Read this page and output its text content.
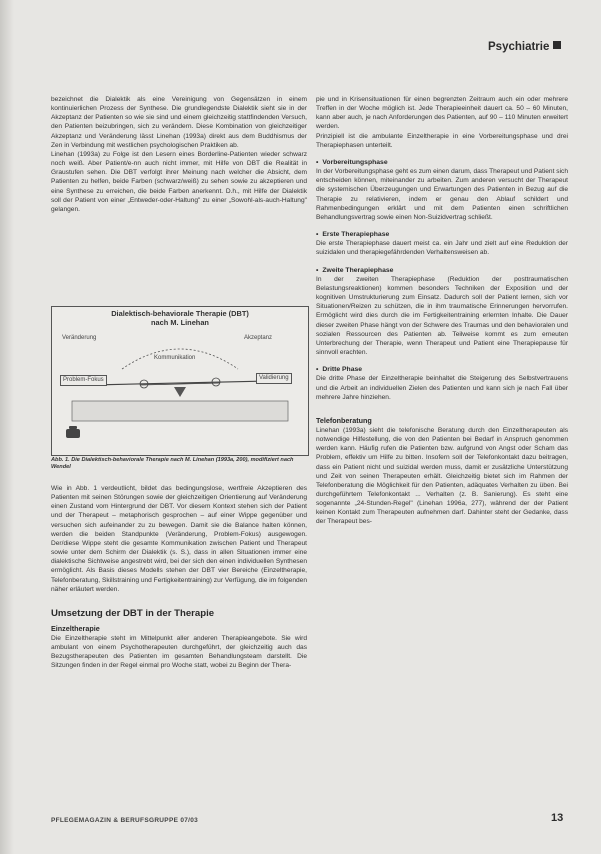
Psychiatrie

bezeichnet die Dialektik als eine Vereinigung von Gegensätzen in einem kontinuierlichen Prozess der Synthese. Die grundlegendste Dialektik sieht sie in der Akzeptanz der Patienten so wie sie sind und einem gleichzeitig stattfindenden Versuch, den Patienten beizubringen, sich zu verändern. Diese Kombination von gleichzeitiger Akzeptanz und Veränderung lässt Linehan (1993a) direkt aus dem Buddhismus der Zen in Verbindung mit westlichen psychologischen Praktiken ab.

Linehan (1993a) zu Folge ist den Lesern eines Borderline-Patienten wieder schwarz noch weiß. Aber Patient/e-nn auch nicht immer, mit Hilfe von DBT die Realität in Graustufen sehen. Die DBT verfolgt ihrer Meinung nach welcher die Absicht, dem Patienten zu helfen, beide Farben (schwarz/weiß) zu sehen sowie zu akzeptieren und eine Synthese zu erreichen, die beide Farben anerkennt. D.h., mit Hilfe der Dialektik soll der Patient von einer „Entweder-oder-Haltung" zu einer „Sowohl-als-auch-Haltung" gelangen.

Dialektisch-behaviorale Therapie (DBT)
nach M. Linehan
Veränderung	Akzeptanz
Kommunikation
Problem-Fokus	Validierung
Abb. 1. Die Dialektisch-behaviorale Therapie nach M. Linehan (1993a, 200), modifiziert nach Wendel

Wie in Abb. 1 verdeutlicht, bildet das bedingungslose, wertfreie Akzeptieren des Patienten mit seinen Störungen sowie der gleichzeitigen Orientierung auf Veränderung einen Zustand vom Hintergrund der DBT. Vor diesem Kontext stehen sich der Patient und der Therapeut – metaphorisch gesprochen – auf einer Wippe gegenüber und versuchen sich aufeinander zu zu bewegen. Damit sie die Balance halten können, werden die beiden Standpunkte (Veränderung, Problem-Fokus) ausgewogen. Der/diese Wippe steht die gesamte Kommunikation zwischen Patient und Therapeut sowie unter dem Schirm der Dialektik (s. S.), dass in allen Situationen immer eine dialektische Sichtweise angestrebt wird, bei der sich den einen individuellen Synthesen ermöglicht. Als Basis dieses Modells stehen der DBT vier Bereiche (Einzeltherapie, Telefonberatung, Skillstraining und Fertigkeitentraining) zur Verfügung, die im folgenden näher erläutert werden.

Umsetzung der DBT in der Therapie
Einzeltherapie

Die Einzeltherapie steht im Mittelpunkt aller anderen Therapieangebote. Sie wird ambulant von einem Psychotherapeuten durchgeführt, der gleichzeitig auch das Bezugstherapeuten des Patienten im gesamten Behandlungsteam darstellt. Die Sitzungen finden in der Regel einmal pro Woche statt, wobei zu Beginn der Thera-

pie und in Krisensituationen für einen begrenzten Zeitraum auch ein oder mehrere Treffen in der Woche möglich ist. Jede Therapieeinheit dauert ca. 50 – 60 Minuten, kann aber auch, je nach Anforderungen des Patienten, auf 90 – 110 Minuten erweitert werden.

Prinzipiell ist die ambulante Einzeltherapie in eine Vorbereitungsphase und drei Therapiephasen unterteilt.

• Vorbereitungsphase

In der Vorbereitungsphase geht es zum einen darum, dass Therapeut und Patient sich entscheiden können, miteinander zu arbeiten. Zum anderen versucht der Therapeut die systemischen Überzeugungen und Erwartungen des Patienten in Bezug auf die Therapie zu relativieren, indem er genau den Ablauf schildert und Rahmenbedingungen erklärt und mit dem Patienten einen schriftlichen Behandlungsvertrag sowie einen Non-Suizidvertrag schließt.

• Erste Therapiephase

Die erste Therapiephase dauert meist ca. ein Jahr und zielt auf eine Reduktion der suizidalen und therapiegefährdenden Verhaltensweisen ab.

• Zweite Therapiephase

In der zweiten Therapiephase (Reduktion der posttraumatischen Belastungsreaktionen) kommen besonders Techniken der Exposition und der kognitiven Umstrukturierung zum Einsatz. Dadurch soll der Patient lernen, sich vor Situationen/Reizen zu schützen, die in ihm traumatische Erinnerungen hervorrufen. Ermöglicht wird dies durch die im Fertigkeitentraining erlernten Inhalte. Die Dauer dieser zweiten Phase hängt von der Schwere des Traumas und den behavioralen und sozialen Ressourcen des Patienten ab. Teilweise kommt es zum erneuten Unterbrechung der Therapie, wenn Therapeut und Patient eine Therapiepause für sinnvoll erachten.

• Dritte Phase

Die dritte Phase der Einzeltherapie beinhaltet die Steigerung des Selbstvertrauens und die Arbeit an individuellen Zielen des Patienten und kann sich je nach Fall über mehrere Jahre hinziehen.

Telefonberatung

Linehan (1993a) sieht die telefonische Beratung durch den Einzeltherapeuten als notwendige Hilfestellung, die von den Patienten bei Bedarf in Anspruch genommen werden kann. Häufig rufen die Patienten bzw. aufgrund von Angst oder Scham das Problem, effektiv um Hilfe zu bitten. Insofern soll der Telefonkontakt dazu beitragen, dass ein Patient nicht und suizidal werden muss, damit er zusätzliche Unterstützung und Zeit von seinen Therapeuten erhält. Gleichzeitig bietet sich im Rahmen der Telefonberatung die Möglichkeit für den Patienten, adäquates Verhalten zu üben. Bei durchgeführtem Telefonkontakt ... Verhalten (z. B. Sanierung). Es steht eine sogenannte „24-Stunden-Regel" (Linehan 1996a, 277), während der der Patient keinen Kontakt zum Therapeuten aufnehmen darf. Dahinter steht der Gedanke, dass der Therapeut bes-

PFLEGEMAGAZIN & BERUFSGRUPPE 07/03	13
